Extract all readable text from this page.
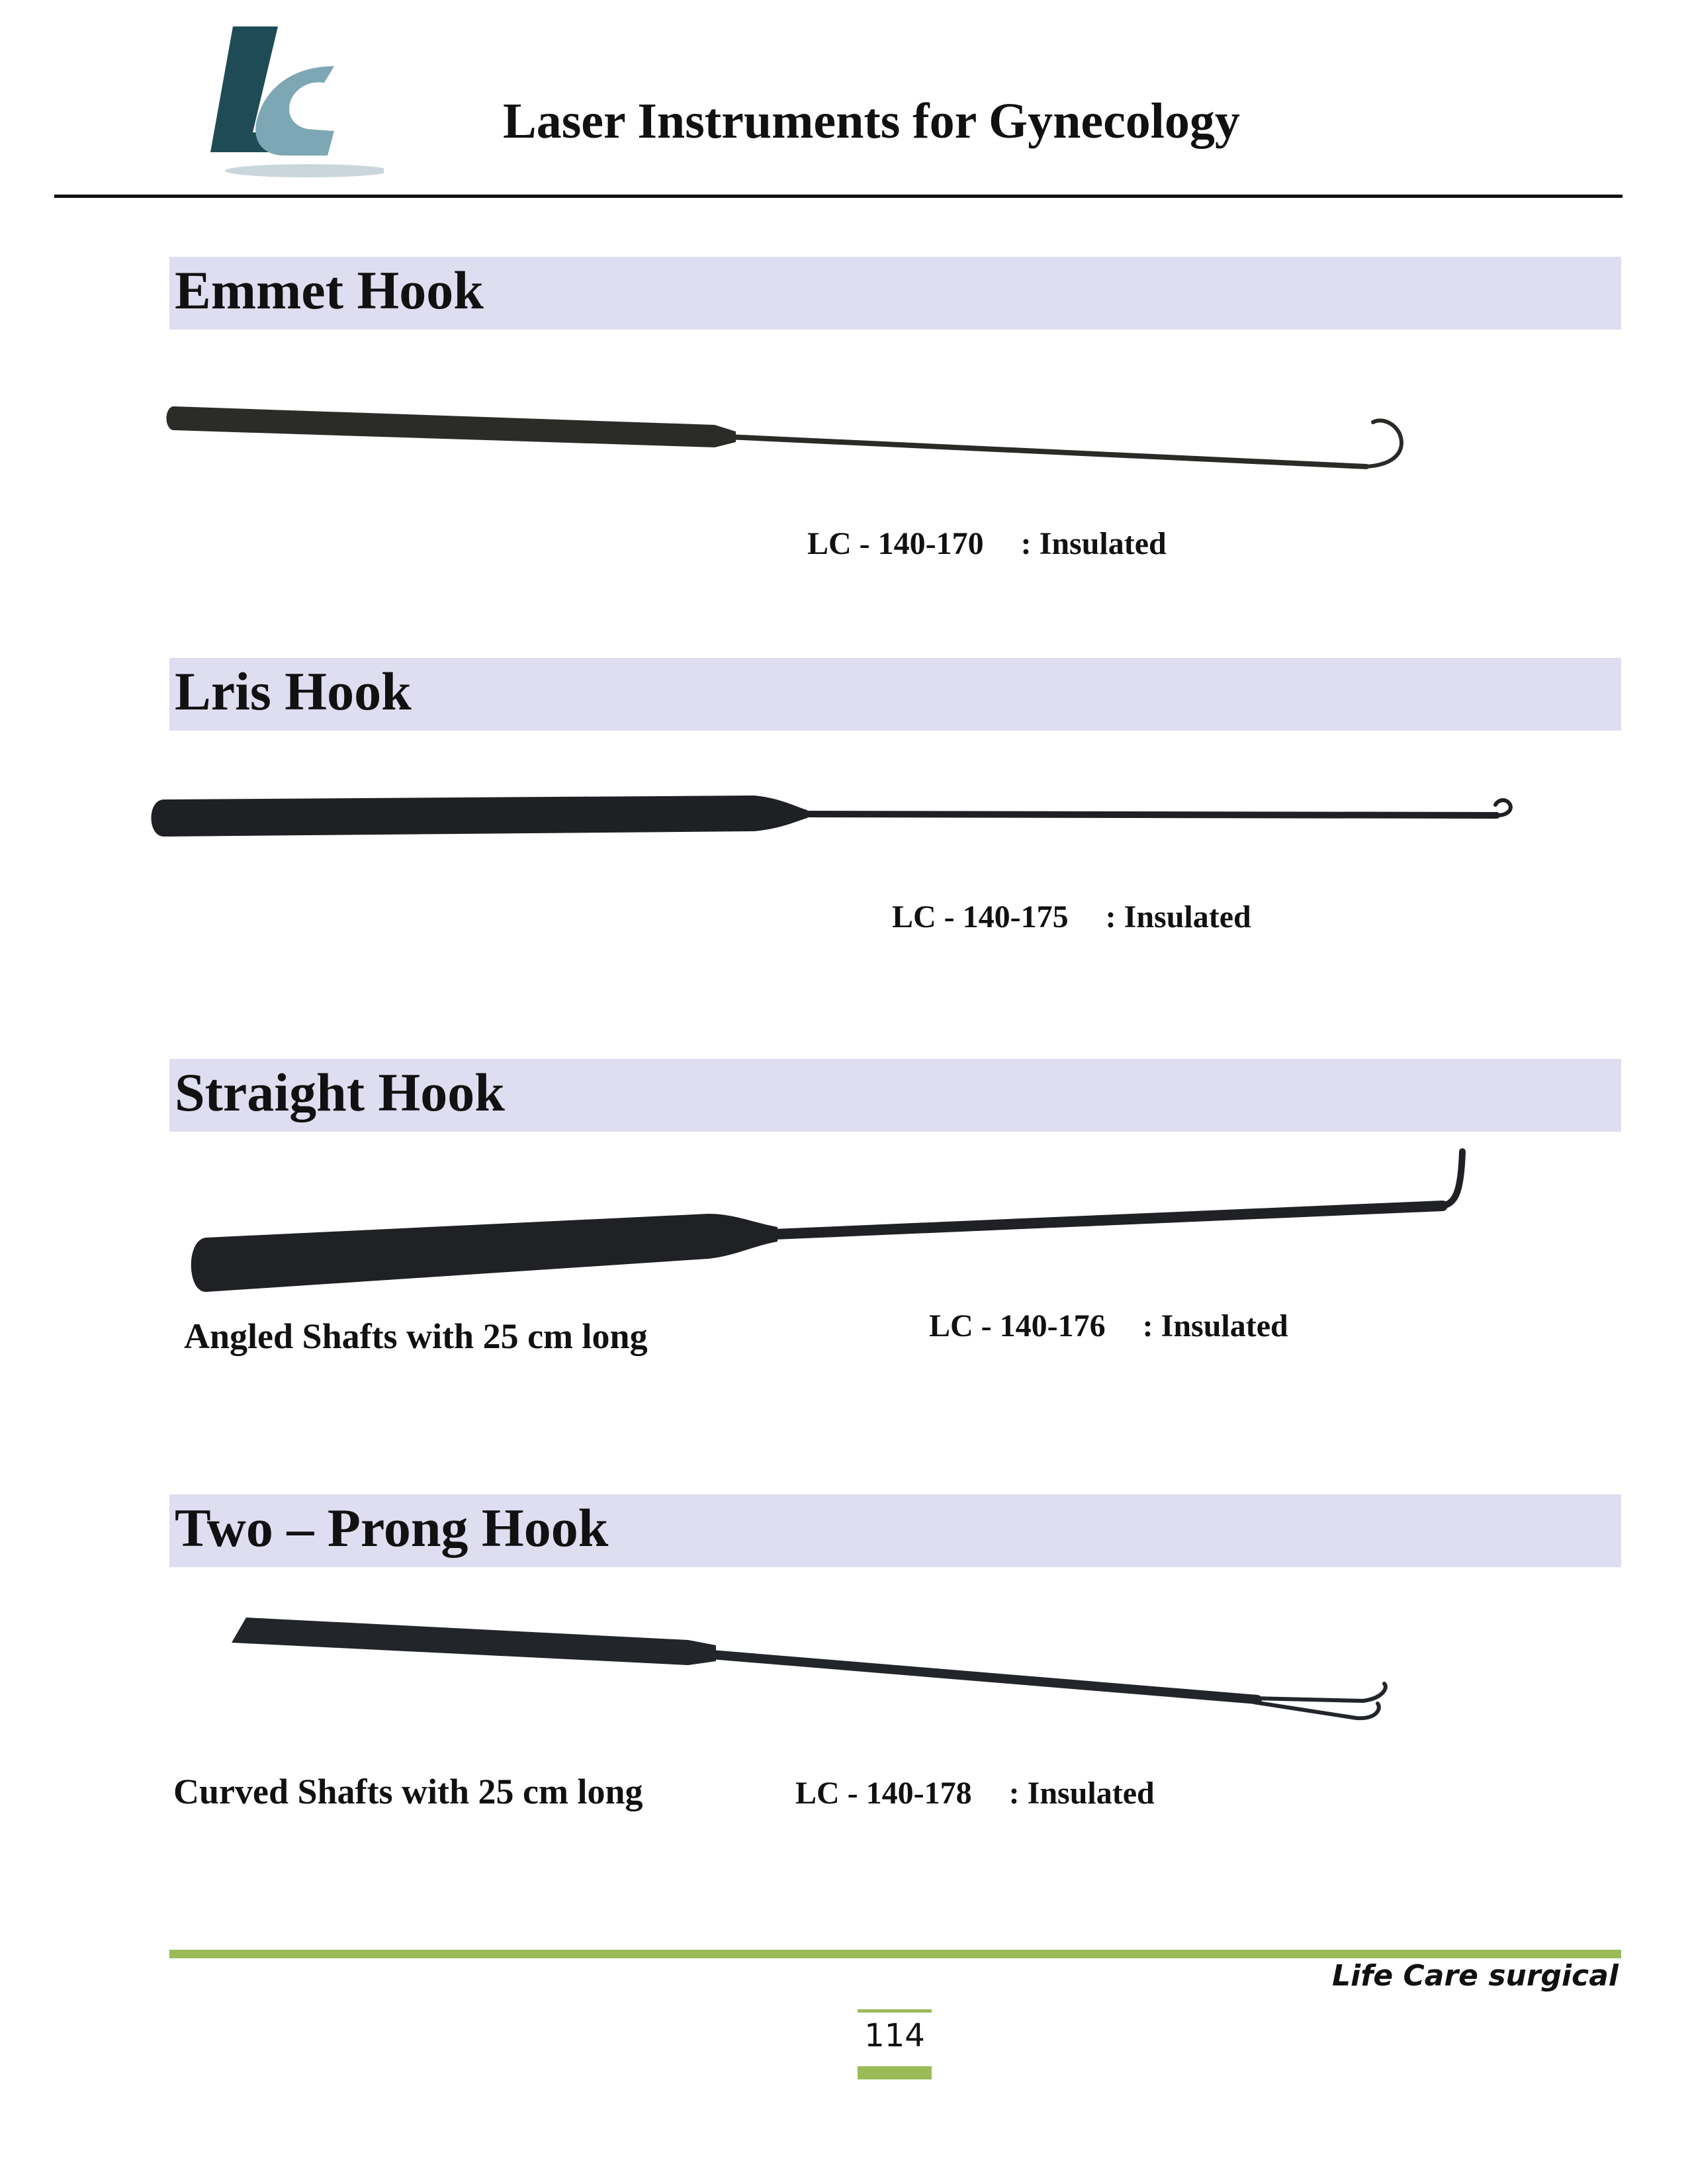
Laser Instruments for Gynecology
Emmet Hook
LC - 140-170 : Insulated
Lris Hook
LC - 140-175 : Insulated
Straight Hook
Angled Shafts with 25 cm long	LC - 140-176 : Insulated
Two – Prong Hook
Curved Shafts with 25 cm long	LC - 140-178 : Insulated
Life Care surgical
114
